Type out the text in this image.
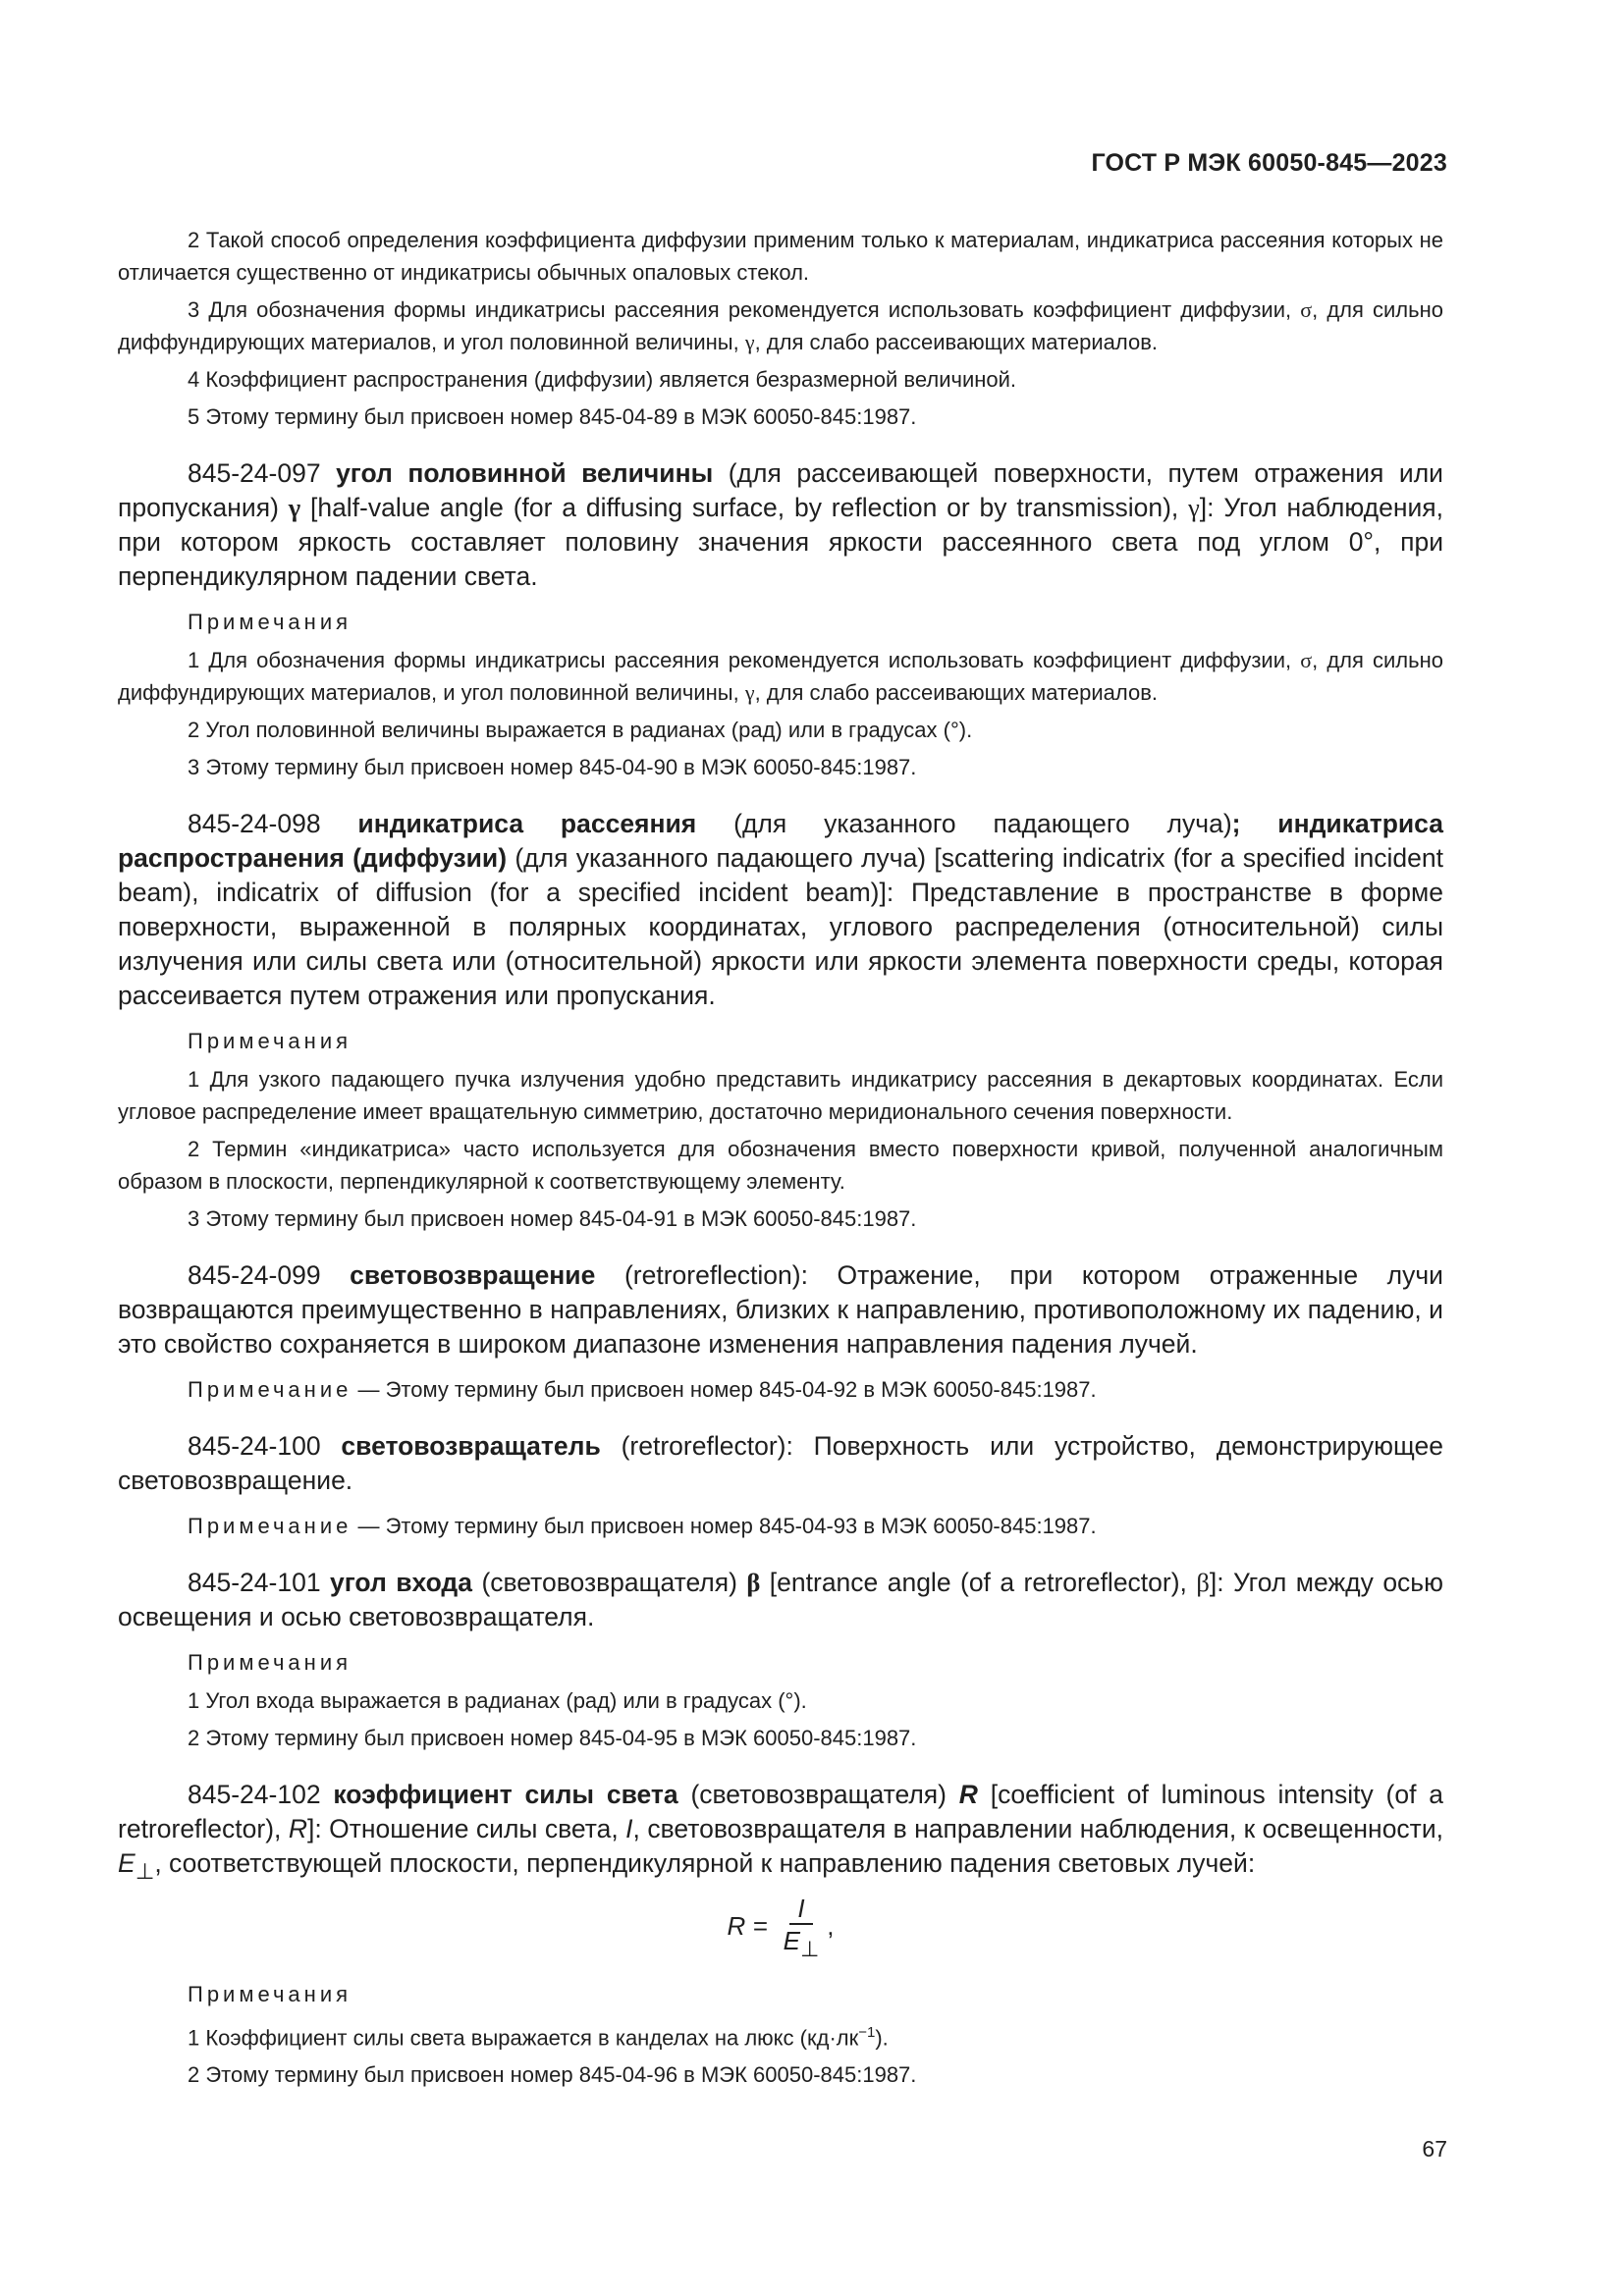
ГОСТ Р МЭК 60050-845—2023

2 Такой способ определения коэффициента диффузии применим только к материалам, индикатриса рассеяния которых не отличается существенно от индикатрисы обычных опаловых стекол.

3 Для обозначения формы индикатрисы рассеяния рекомендуется использовать коэффициент диффузии, σ, для сильно диффундирующих материалов, и угол половинной величины, γ, для слабо рассеивающих материалов.

4 Коэффициент распространения (диффузии) является безразмерной величиной.

5 Этому термину был присвоен номер 845-04-89 в МЭК 60050-845:1987.

845-24-097 угол половинной величины (для рассеивающей поверхности, путем отражения или пропускания) γ [half-value angle (for a diffusing surface, by reflection or by transmission), γ]: Угол наблюдения, при котором яркость составляет половину значения яркости рассеянного света под углом 0°, при перпендикулярном падении света.

Примечания

1 Для обозначения формы индикатрисы рассеяния рекомендуется использовать коэффициент диффузии, σ, для сильно диффундирующих материалов, и угол половинной величины, γ, для слабо рассеивающих материалов.

2 Угол половинной величины выражается в радианах (рад) или в градусах (°).

3 Этому термину был присвоен номер 845-04-90 в МЭК 60050-845:1987.

845-24-098 индикатриса рассеяния (для указанного падающего луча); индикатриса распространения (диффузии) (для указанного падающего луча) [scattering indicatrix (for a specified incident beam), indicatrix of diffusion (for a specified incident beam)]: Представление в пространстве в форме поверхности, выраженной в полярных координатах, углового распределения (относительной) силы излучения или силы света или (относительной) яркости или яркости элемента поверхности среды, которая рассеивается путем отражения или пропускания.

Примечания

1 Для узкого падающего пучка излучения удобно представить индикатрису рассеяния в декартовых координатах. Если угловое распределение имеет вращательную симметрию, достаточно меридионального сечения поверхности.

2 Термин «индикатриса» часто используется для обозначения вместо поверхности кривой, полученной аналогичным образом в плоскости, перпендикулярной к соответствующему элементу.

3 Этому термину был присвоен номер 845-04-91 в МЭК 60050-845:1987.

845-24-099 световозвращение (retroreflection): Отражение, при котором отраженные лучи возвращаются преимущественно в направлениях, близких к направлению, противоположному их падению, и это свойство сохраняется в широком диапазоне изменения направления падения лучей.

Примечание — Этому термину был присвоен номер 845-04-92 в МЭК 60050-845:1987.

845-24-100 световозвращатель (retroreflector): Поверхность или устройство, демонстрирующее световозвращение.

Примечание — Этому термину был присвоен номер 845-04-93 в МЭК 60050-845:1987.

845-24-101 угол входа (световозвращателя) β [entrance angle (of a retroreflector), β]: Угол между осью освещения и осью световозвращателя.

Примечания

1 Угол входа выражается в радианах (рад) или в градусах (°).

2 Этому термину был присвоен номер 845-04-95 в МЭК 60050-845:1987.

845-24-102 коэффициент силы света (световозвращателя) R [coefficient of luminous intensity (of a retroreflector), R]: Отношение силы света, I, световозвращателя в направлении наблюдения, к освещенности, $E_\perp$, соответствующей плоскости, перпендикулярной к направлению падения световых лучей:

$R = \frac{I}{E\perp}$ ,

Примечания

1 Коэффициент силы света выражается в канделах на люкс $(кд\cdot лк^{-1})$.

2 Этому термину был присвоен номер 845-04-96 в МЭК 60050-845:1987.

67
